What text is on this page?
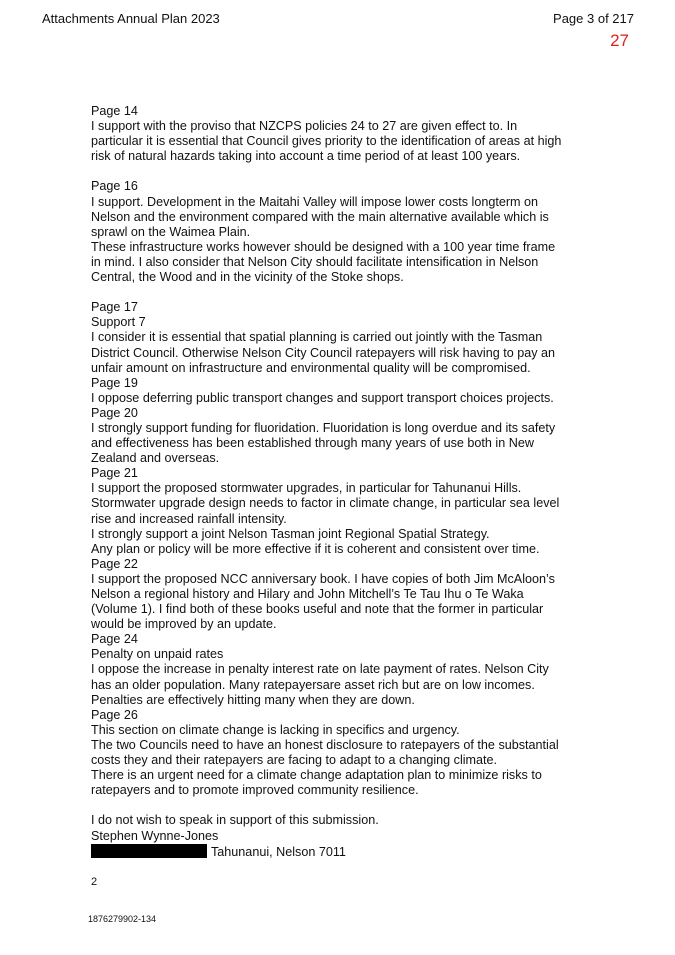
Attachments Annual Plan 2023	Page 3 of 217
27
Page 14
I support with the proviso that NZCPS policies 24 to 27 are given effect to. In
particular it is essential that Council gives priority to the identification of areas at high
risk of natural hazards taking into account a time period of at least 100 years.
Page 16
I support. Development in the Maitahi Valley will impose lower costs longterm on
Nelson and the environment compared with the main alternative available which is
sprawl on the Waimea Plain.
These infrastructure works however should be designed with a 100 year time frame
in mind. I also consider that Nelson City should facilitate intensification in Nelson
Central, the Wood and in the vicinity of the Stoke shops.
Page 17
Support 7
I consider it is essential that spatial planning is carried out jointly with the Tasman
District Council. Otherwise Nelson City Council ratepayers will risk having to pay an
unfair amount on infrastructure and environmental quality will be compromised.
Page 19
I oppose deferring public transport changes and support transport choices projects.
Page 20
I strongly support funding for fluoridation. Fluoridation is long overdue and its safety
and effectiveness has been established through many years of use both in New
Zealand and overseas.
Page 21
I support the proposed stormwater upgrades, in particular for Tahunanui Hills.
Stormwater upgrade design needs to factor in climate change, in particular sea level
rise and increased rainfall intensity.
I strongly support a joint Nelson Tasman joint Regional Spatial Strategy.
Any plan or policy will be more effective if it is coherent and consistent over time.
Page 22
I support the proposed NCC anniversary book. I have copies of both Jim McAloon’s
Nelson a regional history and Hilary and John Mitchell’s Te Tau Ihu o Te Waka
(Volume 1). I find both of these books useful and note that the former in particular
would be improved by an update.
Page 24
Penalty on unpaid rates
I oppose the increase in penalty interest rate on late payment of rates. Nelson City
has an older population. Many ratepayersare asset rich but are on low incomes.
Penalties are effectively hitting many when they are down.
Page 26
This section on climate change is lacking in specifics and urgency.
The two Councils need to have an honest disclosure to ratepayers of the substantial
costs they and their ratepayers are facing to adapt to a changing climate.
There is an urgent need for a climate change adaptation plan to minimize risks to
ratepayers and to promote improved community resilience.
I do not wish to speak in support of this submission.
Stephen Wynne-Jones
Tahunanui, Nelson 7011
2
1876279902-134
